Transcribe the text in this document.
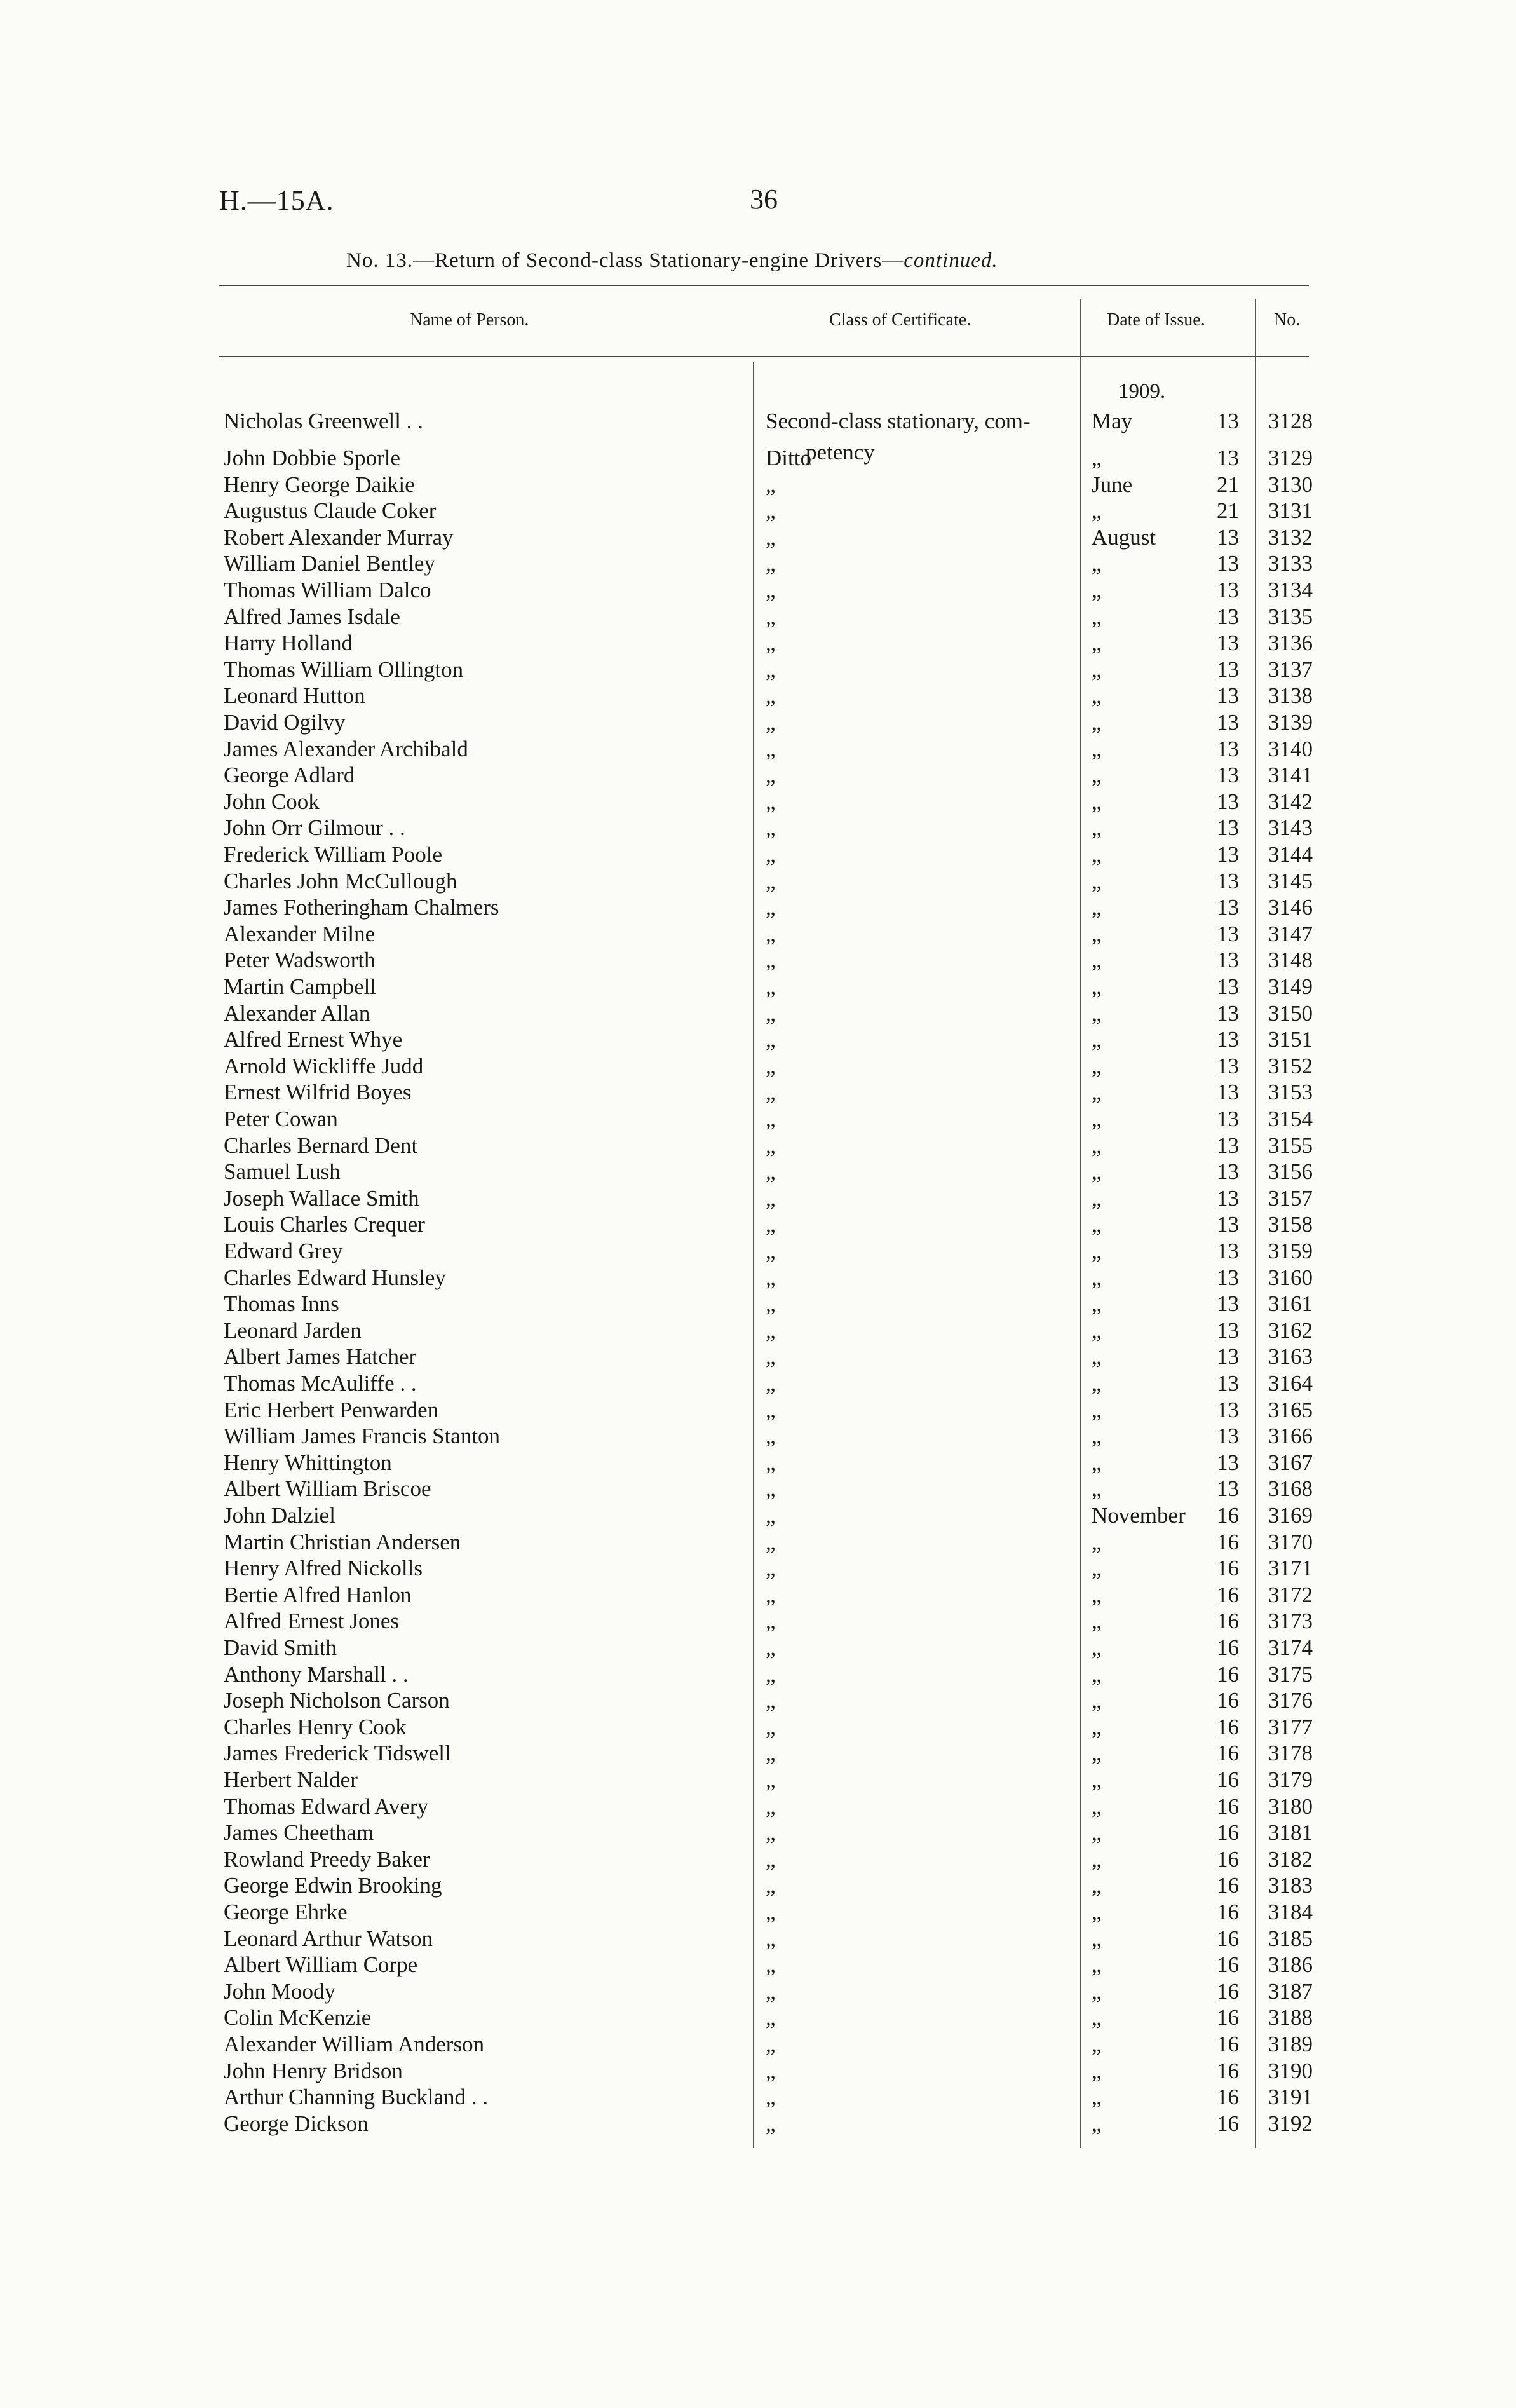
H.—15A.	36
No. 13.—Return of Second-class Stationary-engine Drivers—continued.
Name of Person.	Class of Certificate.	Date of Issue.	No.
1909.
petency
Nicholas Greenwell . .	Second-class stationary, com-	May	13 3128
John Dobbie Sporle	Ditto	„	13 3129
Henry George Daikie	„	June	21 3130
Augustus Claude Coker	„	„	21 3131
Robert Alexander Murray	„	August	13 3132
William Daniel Bentley	„	„	13 3133
Thomas William Dalco	„	„	13 3134
Alfred James Isdale	„	„	13 3135
Harry Holland	„	„	13 3136
Thomas William Ollington	„	„	13 3137
Leonard Hutton	„	„	13 3138
David Ogilvy	„	„	13 3139
James Alexander Archibald	„	„	13 3140
George Adlard	„	„	13 3141
John Cook	„	„	13 3142
John Orr Gilmour . .	„	„	13 3143
Frederick William Poole	„	„	13 3144
Charles John McCullough	„	„	13 3145
James Fotheringham Chalmers	„	„	13 3146
Alexander Milne	„	„	13 3147
Peter Wadsworth	„	„	13 3148
Martin Campbell	„	„	13 3149
Alexander Allan	„	„	13 3150
Alfred Ernest Whye	„	„	13 3151
Arnold Wickliffe Judd	„	„	13 3152
Ernest Wilfrid Boyes	„	„	13 3153
Peter Cowan	„	„	13 3154
Charles Bernard Dent	„	„	13 3155
Samuel Lush	„	„	13 3156
Joseph Wallace Smith	„	„	13 3157
Louis Charles Crequer	„	„	13 3158
Edward Grey	„	„	13 3159
Charles Edward Hunsley	„	„	13 3160
Thomas Inns	„	„	13 3161
Leonard Jarden	„	„	13 3162
Albert James Hatcher	„	„	13 3163
Thomas McAuliffe . .	„	„	13 3164
Eric Herbert Penwarden	„	„	13 3165
William James Francis Stanton	„	„	13 3166
Henry Whittington	„	„	13 3167
Albert William Briscoe	„	„	13 3168
John Dalziel	„	November	16 3169
Martin Christian Andersen	„	„	16 3170
Henry Alfred Nickolls	„	„	16 3171
Bertie Alfred Hanlon	„	„	16 3172
Alfred Ernest Jones	„	„	16 3173
David Smith	„	„	16 3174
Anthony Marshall . .	„	„	16 3175
Joseph Nicholson Carson	„	„	16 3176
Charles Henry Cook	„	„	16 3177
James Frederick Tidswell	„	„	16 3178
Herbert Nalder	„	„	16 3179
Thomas Edward Avery	„	„	16 3180
James Cheetham	„	„	16 3181
Rowland Preedy Baker	„	„	16 3182
George Edwin Brooking	„	„	16 3183
George Ehrke	„	„	16 3184
Leonard Arthur Watson	„	„	16 3185
Albert William Corpe	„	„	16 3186
John Moody	„	„	16 3187
Colin McKenzie	„	„	16 3188
Alexander William Anderson	„	„	16 3189
John Henry Bridson	„	„	16 3190
Arthur Channing Buckland . .	„	„	16 3191
George Dickson	„	„	16 3192
